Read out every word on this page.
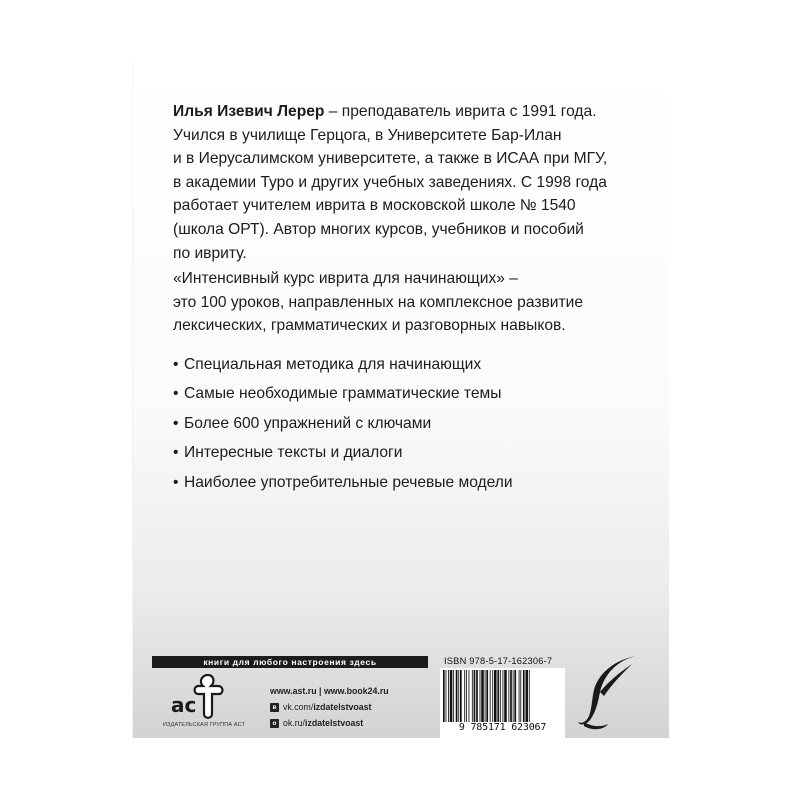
Илья Изевич Лерер – преподаватель иврита с 1991 года.
Учился в училище Герцога, в Университете Бар-Илан
и в Иерусалимском университете, а также в ИСАА при МГУ,
в академии Туро и других учебных заведениях. С 1998 года
работает учителем иврита в московской школе № 1540
(школа ОРТ). Автор многих курсов, учебников и пособий
по ивриту.
«Интенсивный курс иврита для начинающих» –
это 100 уроков, направленных на комплексное развитие
лексических, грамматических и разговорных навыков.
• Специальная методика для начинающих
• Самые необходимые грамматические темы
• Более 600 упражнений с ключами
• Интересные тексты и диалоги
• Наиболее употребительные речевые модели
книги для любого настроения здесь
ac
ИЗДАТЕЛЬСКАЯ ГРУППА АСТ
www.ast.ru | www.book24.ru
в vk.com/ izdatelstvoast
o ok.ru/ izdatelstvoast
ISBN 978-5-17-162306-7
9 785171 623067
